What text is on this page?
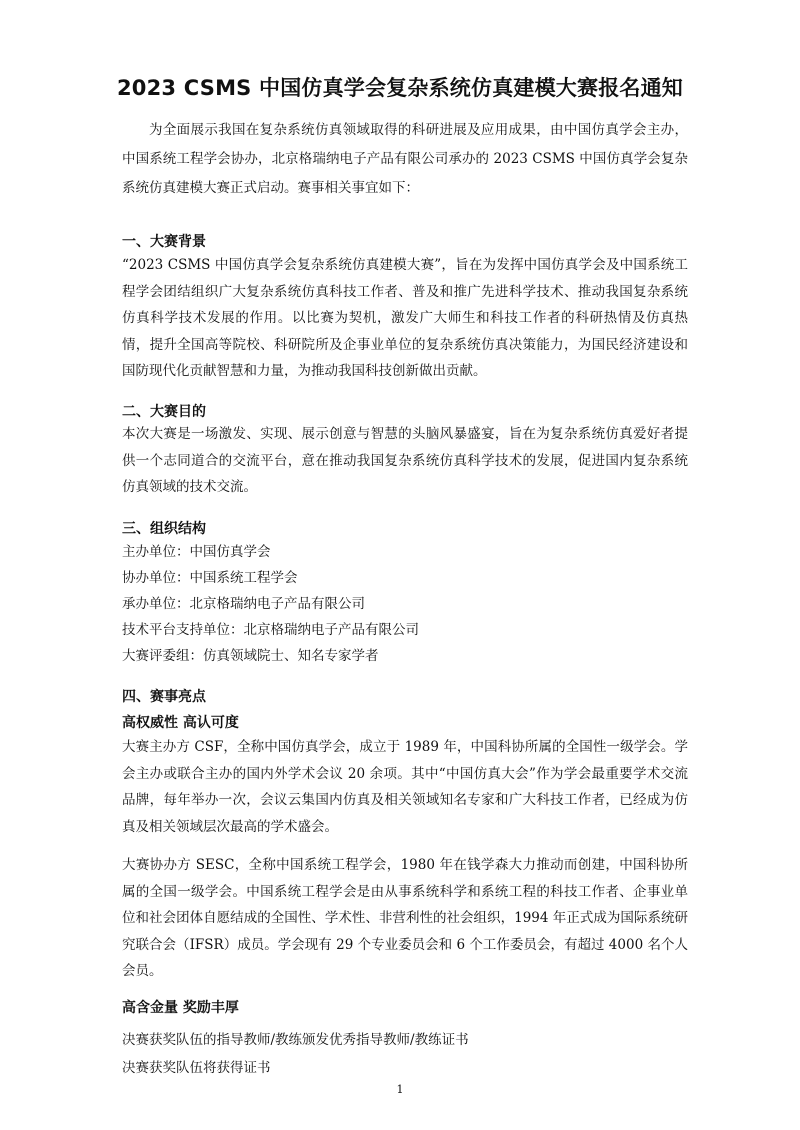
2023 CSMS 中国仿真学会复杂系统仿真建模大赛报名通知
为全面展示我国在复杂系统仿真领域取得的科研进展及应用成果，由中国仿真学会主办，中国系统工程学会协办，北京格瑞纳电子产品有限公司承办的 2023 CSMS 中国仿真学会复杂系统仿真建模大赛正式启动。赛事相关事宜如下：
一、大赛背景
“2023 CSMS 中国仿真学会复杂系统仿真建模大赛”，旨在为发挥中国仿真学会及中国系统工程学会团结组织广大复杂系统仿真科技工作者、普及和推广先进科学技术、推动我国复杂系统仿真科学技术发展的作用。以比赛为契机，激发广大师生和科技工作者的科研热情及仿真热情，提升全国高等院校、科研院所及企事业单位的复杂系统仿真决策能力，为国民经济建设和国防现代化贡献智慧和力量，为推动我国科技创新做出贡献。
二、大赛目的
本次大赛是一场激发、实现、展示创意与智慧的头脑风暴盛宴，旨在为复杂系统仿真爱好者提供一个志同道合的交流平台，意在推动我国复杂系统仿真科学技术的发展，促进国内复杂系统仿真领域的技术交流。
三、组织结构
主办单位：中国仿真学会
协办单位：中国系统工程学会
承办单位：北京格瑞纳电子产品有限公司
技术平台支持单位：北京格瑞纳电子产品有限公司
大赛评委组：仿真领域院士、知名专家学者
四、赛事亮点
高权威性 高认可度
大赛主办方 CSF，全称中国仿真学会，成立于 1989 年，中国科协所属的全国性一级学会。学会主办或联合主办的国内外学术会议 20 余项。其中“中国仿真大会”作为学会最重要学术交流品牌，每年举办一次，会议云集国内仿真及相关领域知名专家和广大科技工作者，已经成为仿真及相关领域层次最高的学术盛会。
大赛协办方 SESC，全称中国系统工程学会，1980 年在钱学森大力推动而创建，中国科协所属的全国一级学会。中国系统工程学会是由从事系统科学和系统工程的科技工作者、企事业单位和社会团体自愿结成的全国性、学术性、非营利性的社会组织，1994 年正式成为国际系统研究联合会（IFSR）成员。学会现有 29 个专业委员会和 6 个工作委员会，有超过 4000 名个人会员。
高含金量 奖励丰厚
决赛获奖队伍的指导教师/教练颁发优秀指导教师/教练证书
决赛获奖队伍将获得证书
1
